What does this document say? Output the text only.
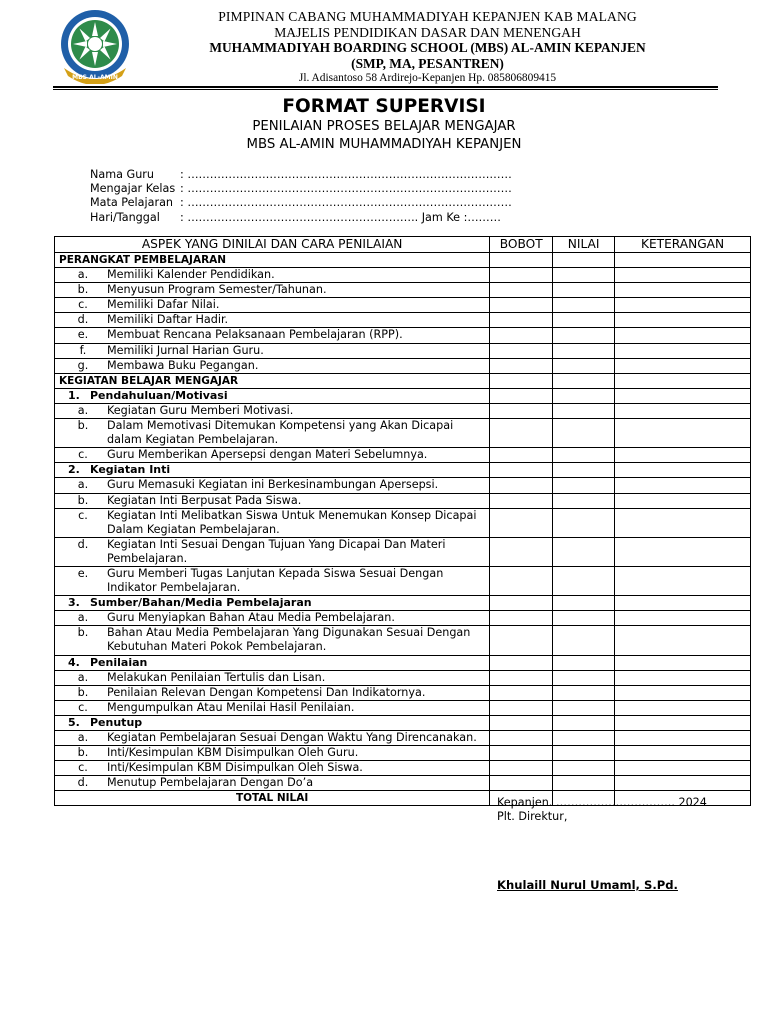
MBS AL-AMIN
PIMPINAN CABANG MUHAMMADIYAH KEPANJEN KAB MALANG
MAJELIS PENDIDIKAN DASAR DAN MENENGAH
MUHAMMADIYAH BOARDING SCHOOL (MBS) AL-AMIN KEPANJEN
(SMP, MA, PESANTREN)
Jl. Adisantoso 58 Ardirejo-Kepanjen Hp. 085806809415
FORMAT SUPERVISI
PENILAIAN PROSES BELAJAR MENGAJAR
MBS AL-AMIN MUHAMMADIYAH KEPANJEN
Nama Guru	: ……………………………………………………………………………
Mengajar Kelas : ……………………………………………………………………………
Mata Pelajaran : ……………………………………………………………………………
Hari/Tanggal	: …………………………………………………….. Jam Ke :………
ASPEK YANG DINILAI DAN CARA PENILAIAN	BOBOT	NILAI	KETERANGAN
PERANGKAT PEMBELAJARAN			

a. Memiliki Kalender Pendidikan.			

b. Menyusun Program Semester/Tahunan.			

c. Memiliki Dafar Nilai.			

d. Memiliki Daftar Hadir.			

e. Membuat Rencana Pelaksanaan Pembelajaran (RPP).			

f. Memiliki Jurnal Harian Guru.			

g. Membawa Buku Pegangan.			

KEGIATAN BELAJAR MENGAJAR			
1. Pendahuluan/Motivasi			

a. Kegiatan Guru Memberi Motivasi.			

b. Dalam Memotivasi Ditemukan Kompetensi yang Akan Dicapai dalam Kegiatan Pembelajaran.			

c. Guru Memberikan Apersepsi dengan Materi Sebelumnya.			

2. Kegiatan Inti			

a. Guru Memasuki Kegiatan ini Berkesinambungan Apersepsi.			

b. Kegiatan Inti Berpusat Pada Siswa.			

c. Kegiatan Inti Melibatkan Siswa Untuk Menemukan Konsep Dicapai Dalam Kegiatan Pembelajaran.			

d. Kegiatan Inti Sesuai Dengan Tujuan Yang Dicapai Dan Materi Pembelajaran.			

e. Guru Memberi Tugas Lanjutan Kepada Siswa Sesuai Dengan Indikator Pembelajaran.			

3. Sumber/Bahan/Media Pembelajaran			

a. Guru Menyiapkan Bahan Atau Media Pembelajaran.			

b. Bahan Atau Media Pembelajaran Yang Digunakan Sesuai Dengan Kebutuhan Materi Pokok Pembelajaran.			

4. Penilaian			

a. Melakukan Penilaian Tertulis dan Lisan.			

b. Penilaian Relevan Dengan Kompetensi Dan Indikatornya.			

c. Mengumpulkan Atau Menilai Hasil Penilaian.			

5. Penutup			

a. Kegiatan Pembelajaran Sesuai Dengan Waktu Yang Direncanakan.			

b. Inti/Kesimpulan KBM Disimpulkan Oleh Guru.			

c. Inti/Kesimpulan KBM Disimpulkan Oleh Siswa.			

d. Menutup Pembelajaran Dengan Do’a			

TOTAL NILAI				Kepanjen. ………………………….. 2024
Plt. Direktur,
Khulaill Nurul Umaml, S.Pd.
